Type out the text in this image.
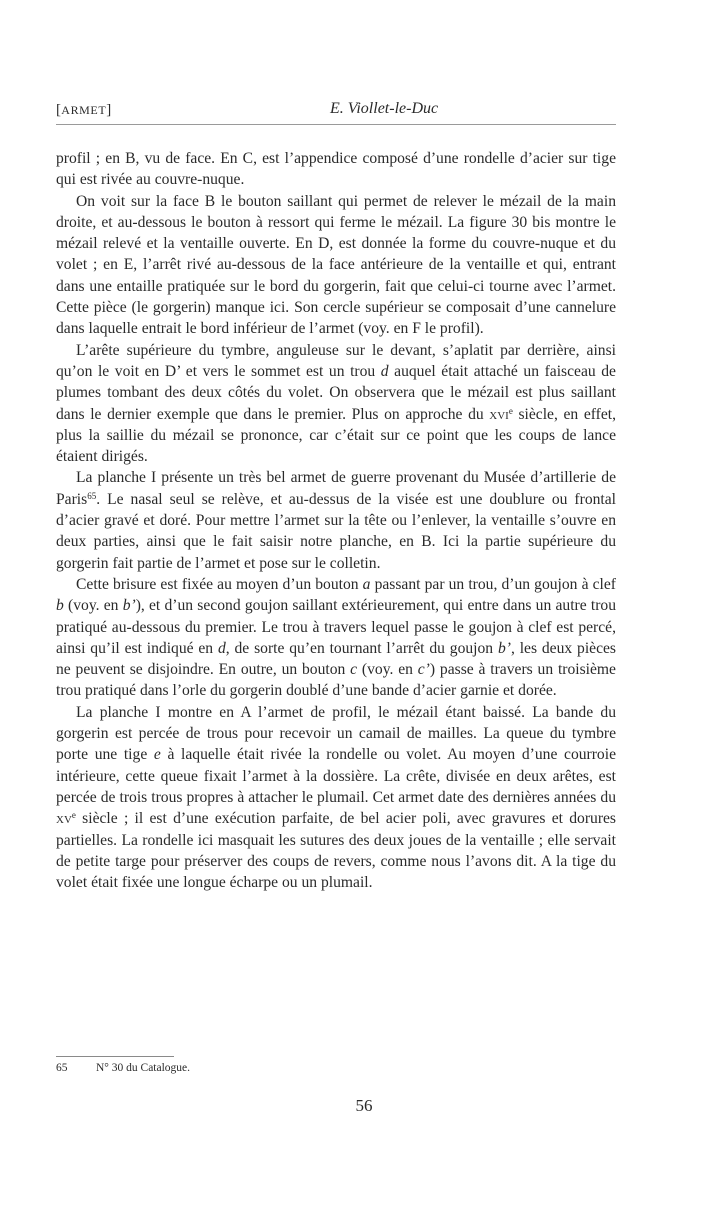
[ARMET]	E. Viollet-le-Duc

profil ; en B, vu de face. En C, est l’appendice composé d’une rondelle d’acier sur tige qui est rivée au couvre-nuque.

On voit sur la face B le bouton saillant qui permet de relever le mézail de la main droite, et au-dessous le bouton à ressort qui ferme le mézail. La figure 30 bis montre le mézail relevé et la ventaille ouverte. En D, est donnée la forme du couvre-nuque et du volet ; en E, l’arrêt rivé au-dessous de la face antérieure de la ventaille et qui, entrant dans une entaille pratiquée sur le bord du gorgerin, fait que celui-ci tourne avec l’armet. Cette pièce (le gorgerin) manque ici. Son cercle supérieur se composait d’une cannelure dans laquelle entrait le bord inférieur de l’armet (voy. en F le profil).

L’arête supérieure du tymbre, anguleuse sur le devant, s’aplatit par derrière, ainsi qu’on le voit en D’ et vers le sommet est un trou d auquel était attaché un faisceau de plumes tombant des deux côtés du volet. On observera que le mézail est plus saillant dans le dernier exemple que dans le premier. Plus on approche du xvi$^e$ siècle, en effet, plus la saillie du mézail se prononce, car c’était sur ce point que les coups de lance étaient dirigés.

La planche I présente un très bel armet de guerre provenant du Musée d’artillerie de Paris$^{65}$. Le nasal seul se relève, et au-dessus de la visée est une doublure ou frontal d’acier gravé et doré. Pour mettre l’armet sur la tête ou l’enlever, la ventaille s’ouvre en deux parties, ainsi que le fait saisir notre planche, en B. Ici la partie supérieure du gorgerin fait partie de l’armet et pose sur le colletin.

Cette brisure est fixée au moyen d’un bouton a passant par un trou, d’un goujon à clef b (voy. en b’), et d’un second goujon saillant extérieurement, qui entre dans un autre trou pratiqué au-dessous du premier. Le trou à travers lequel passe le goujon à clef est percé, ainsi qu’il est indiqué en d, de sorte qu’en tournant l’arrêt du goujon b’, les deux pièces ne peuvent se disjoindre. En outre, un bouton c (voy. en c’) passe à travers un troisième trou pratiqué dans l’orle du gorgerin doublé d’une bande d’acier garnie et dorée.

La planche I montre en A l’armet de profil, le mézail étant baissé. La bande du gorgerin est percée de trous pour recevoir un camail de mailles. La queue du tymbre porte une tige e à laquelle était rivée la rondelle ou volet. Au moyen d’une courroie intérieure, cette queue fixait l’armet à la dossière. La crête, divisée en deux arêtes, est percée de trois trous propres à attacher le plumail. Cet armet date des dernières années du $xv^e$ siècle ; il est d’une exécution parfaite, de bel acier poli, avec gravures et dorures partielles. La rondelle ici masquait les sutures des deux joues de la ventaille ; elle servait de petite targe pour préserver des coups de revers, comme nous l’avons dit. A la tige du volet était fixée une longue écharpe ou un plumail.

65 N° 30 du Catalogue.
56
